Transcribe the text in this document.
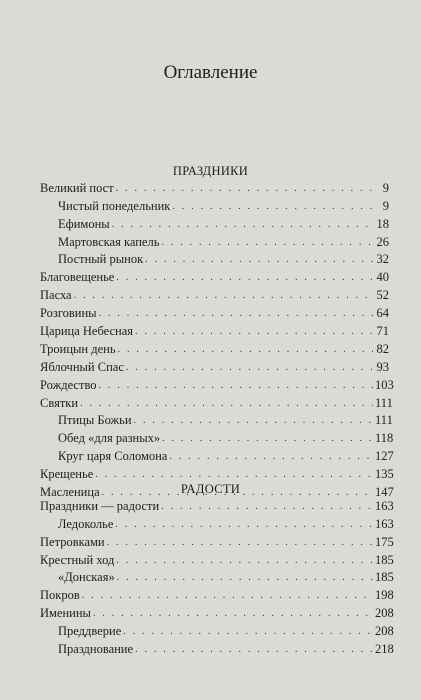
Оглавление
ПРАЗДНИКИ
Великий пост . . .	9
Чистый понедельник . . .	9
Ефимоны . . .	18
Мартовская капель . . .	26
Постный рынок . . .	32
Благовещенье . . .	40
Пасха . . .	52
Розговины . . .	64
Царица Небесная . . .	71
Троицын день . . .	82
Яблочный Спас . . .	93
Рождество . . .	103
Святки . . .	111
Птицы Божьи . . .	111
Обед «для разных» . . .	118
Круг царя Соломона . . .	127
Крещенье . . .	135
Масленица . . .	147
РАДОСТИ
Праздники — радости . . .	163
Ледоколье . . .	163
Петровками . . .	175
Крестный ход . . .	185
«Донская» . . .	185
Покров . . .	198
Именины . . .	208
Преддверие . . .	208
Празднование . . .	218
